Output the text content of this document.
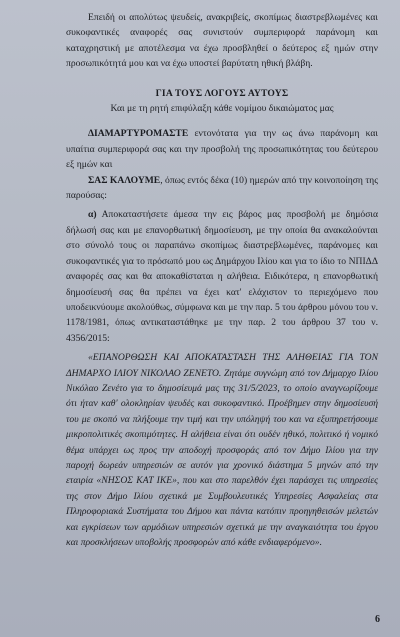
Επειδή οι απολύτως ψευδείς, ανακριβείς, σκοπίμως διαστρεβλωμένες και συκοφαντικές αναφορές σας συνιστούν συμπεριφορά παράνομη και καταχρηστική με αποτέλεσμα να έχω προσβληθεί ο δεύτερος εξ ημών στην προσωπικότητά μου και να έχω υποστεί βαρύτατη ηθική βλάβη.

ΓΙΑ ΤΟΥΣ ΛΟΓΟΥΣ ΑΥΤΟΥΣ
Και με τη ρητή επιφύλαξη κάθε νομίμου δικαιώματος μας

ΔΙΑΜΑΡΤΥΡΟΜΑΣΤΕ εντονότατα για την ως άνω παράνομη και υπαίτια συμπεριφορά σας και την προσβολή της προσωπικότητας του δεύτερου εξ ημών και

ΣΑΣ ΚΑΛΟΥΜΕ, όπως εντός δέκα (10) ημερών από την κοινοποίηση της παρούσας:

α) Αποκαταστήσετε άμεσα την εις βάρος μας προσβολή με δημόσια δήλωσή σας και με επανορθωτική δημοσίευση, με την οποία θα ανακαλούνται στο σύνολό τους οι παραπάνω σκοπίμως διαστρεβλωμένες, παράνομες και συκοφαντικές για το πρόσωπό μου ως Δημάρχου Ιλίου και για το ίδιο το ΝΠΙΔΔ αναφορές σας και θα αποκαθίσταται η αλήθεια. Ειδικότερα, η επανορθωτική δημοσίευσή σας θα πρέπει να έχει κατ' ελάχιστον το περιεχόμενο που υποδεικνύουμε ακολούθως, σύμφωνα και με την παρ. 5 του άρθρου μόνου του ν. 1178/1981, όπως αντικαταστάθηκε με την παρ. 2 του άρθρου 37 του ν. 4356/2015:

«ΕΠΑΝΟΡΘΩΣΗ ΚΑΙ ΑΠΟΚΑΤΑΣΤΑΣΗ ΤΗΣ ΑΛΗΘΕΙΑΣ ΓΙΑ ΤΟΝ ΔΗΜΑΡΧΟ ΙΛΙΟΥ ΝΙΚΟΛΑΟ ΖΕΝΕΤΟ. Ζητάμε συγνώμη από τον Δήμαρχο Ιλίου Νικόλαο Ζενέτο για το δημοσίευμά μας της 31/5/2023, το οποίο αναγνωρίζουμε ότι ήταν καθ' ολοκληρίαν ψευδές και συκοφαντικό. Προέβημεν στην δημοσίευσή του με σκοπό να πλήξουμε την τιμή και την υπόληψή του και να εξυπηρετήσουμε μικροπολιτικές σκοπιμότητες. Η αλήθεια είναι ότι ουδέν ηθικό, πολιτικό ή νομικό θέμα υπάρχει ως προς την αποδοχή προσφοράς από τον Δήμο Ιλίου για την παροχή δωρεάν υπηρεσιών σε αυτόν για χρονικό διάστημα 5 μηνών από την εταιρία «ΝΗΣΟΣ ΚΑΤ ΙΚΕ», που και στο παρελθόν έχει παράσχει τις υπηρεσίες της στον Δήμο Ιλίου σχετικά με Συμβουλευτικές Υπηρεσίες Ασφαλείας στα Πληροφοριακά Συστήματα του Δήμου και πάντα κατόπιν προηγηθεισών μελετών και εγκρίσεων των αρμόδιων υπηρεσιών σχετικά με την αναγκαιότητα του έργου και προσκλήσεων υποβολής προσφορών από κάθε ενδιαφερόμενο».

6
